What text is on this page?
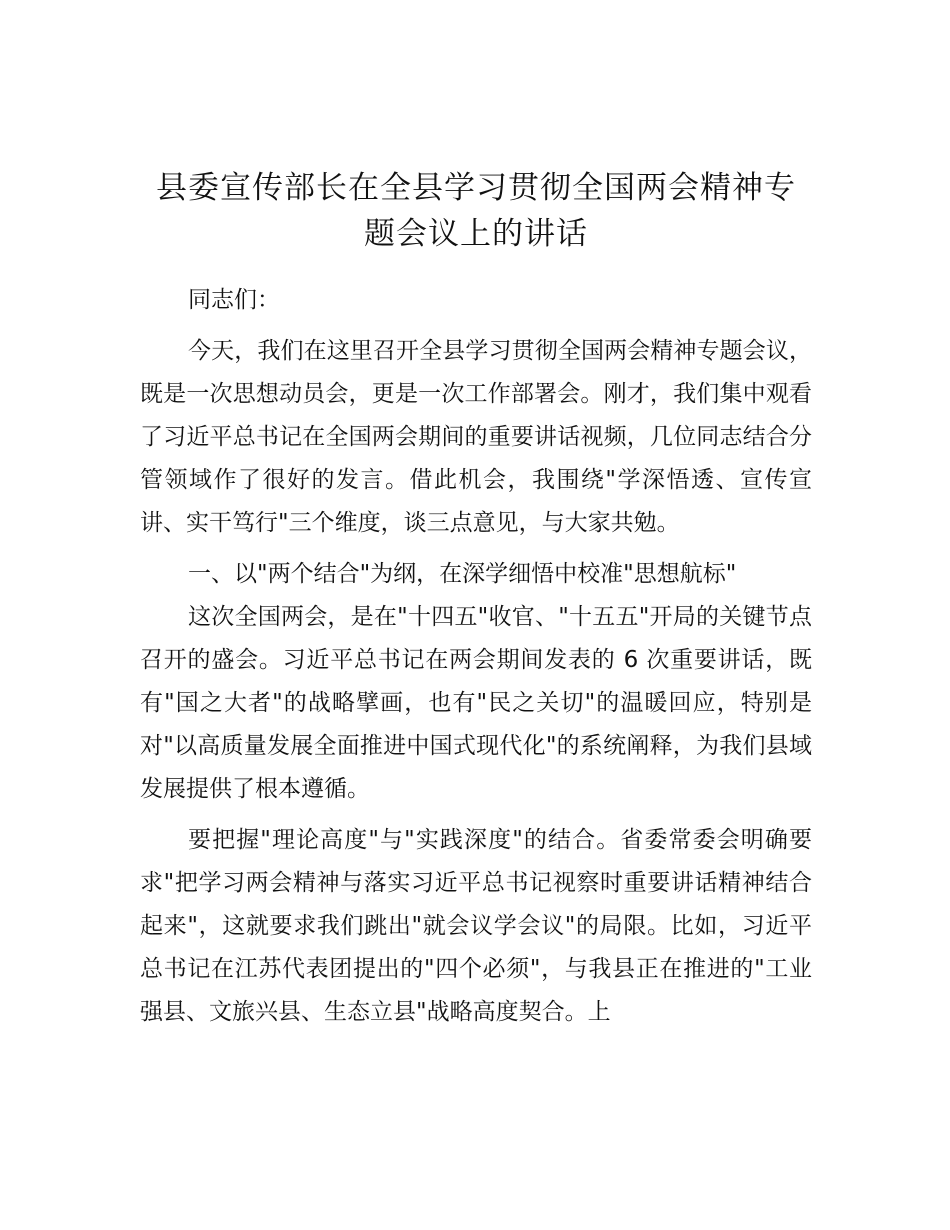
县委宣传部长在全县学习贯彻全国两会精神专
题会议上的讲话

同志们：

今天，我们在这里召开全县学习贯彻全国两会精神专题会议，既是一次思想动员会，更是一次工作部署会。刚才，我们集中观看了习近平总书记在全国两会期间的重要讲话视频，几位同志结合分管领域作了很好的发言。借此机会，我围绕"学深悟透、宣传宣讲、实干笃行"三个维度，谈三点意见，与大家共勉。

一、以"两个结合"为纲，在深学细悟中校准"思想航标"

这次全国两会，是在"十四五"收官、"十五五"开局的关键节点召开的盛会。习近平总书记在两会期间发表的 6 次重要讲话，既有"国之大者"的战略擘画，也有"民之关切"的温暖回应，特别是对"以高质量发展全面推进中国式现代化"的系统阐释，为我们县域发展提供了根本遵循。

要把握"理论高度"与"实践深度"的结合。省委常委会明确要求"把学习两会精神与落实习近平总书记视察时重要讲话精神结合起来"，这就要求我们跳出"就会议学会议"的局限。比如，习近平总书记在江苏代表团提出的"四个必须"，与我县正在推进的"工业强县、文旅兴县、生态立县"战略高度契合。上
